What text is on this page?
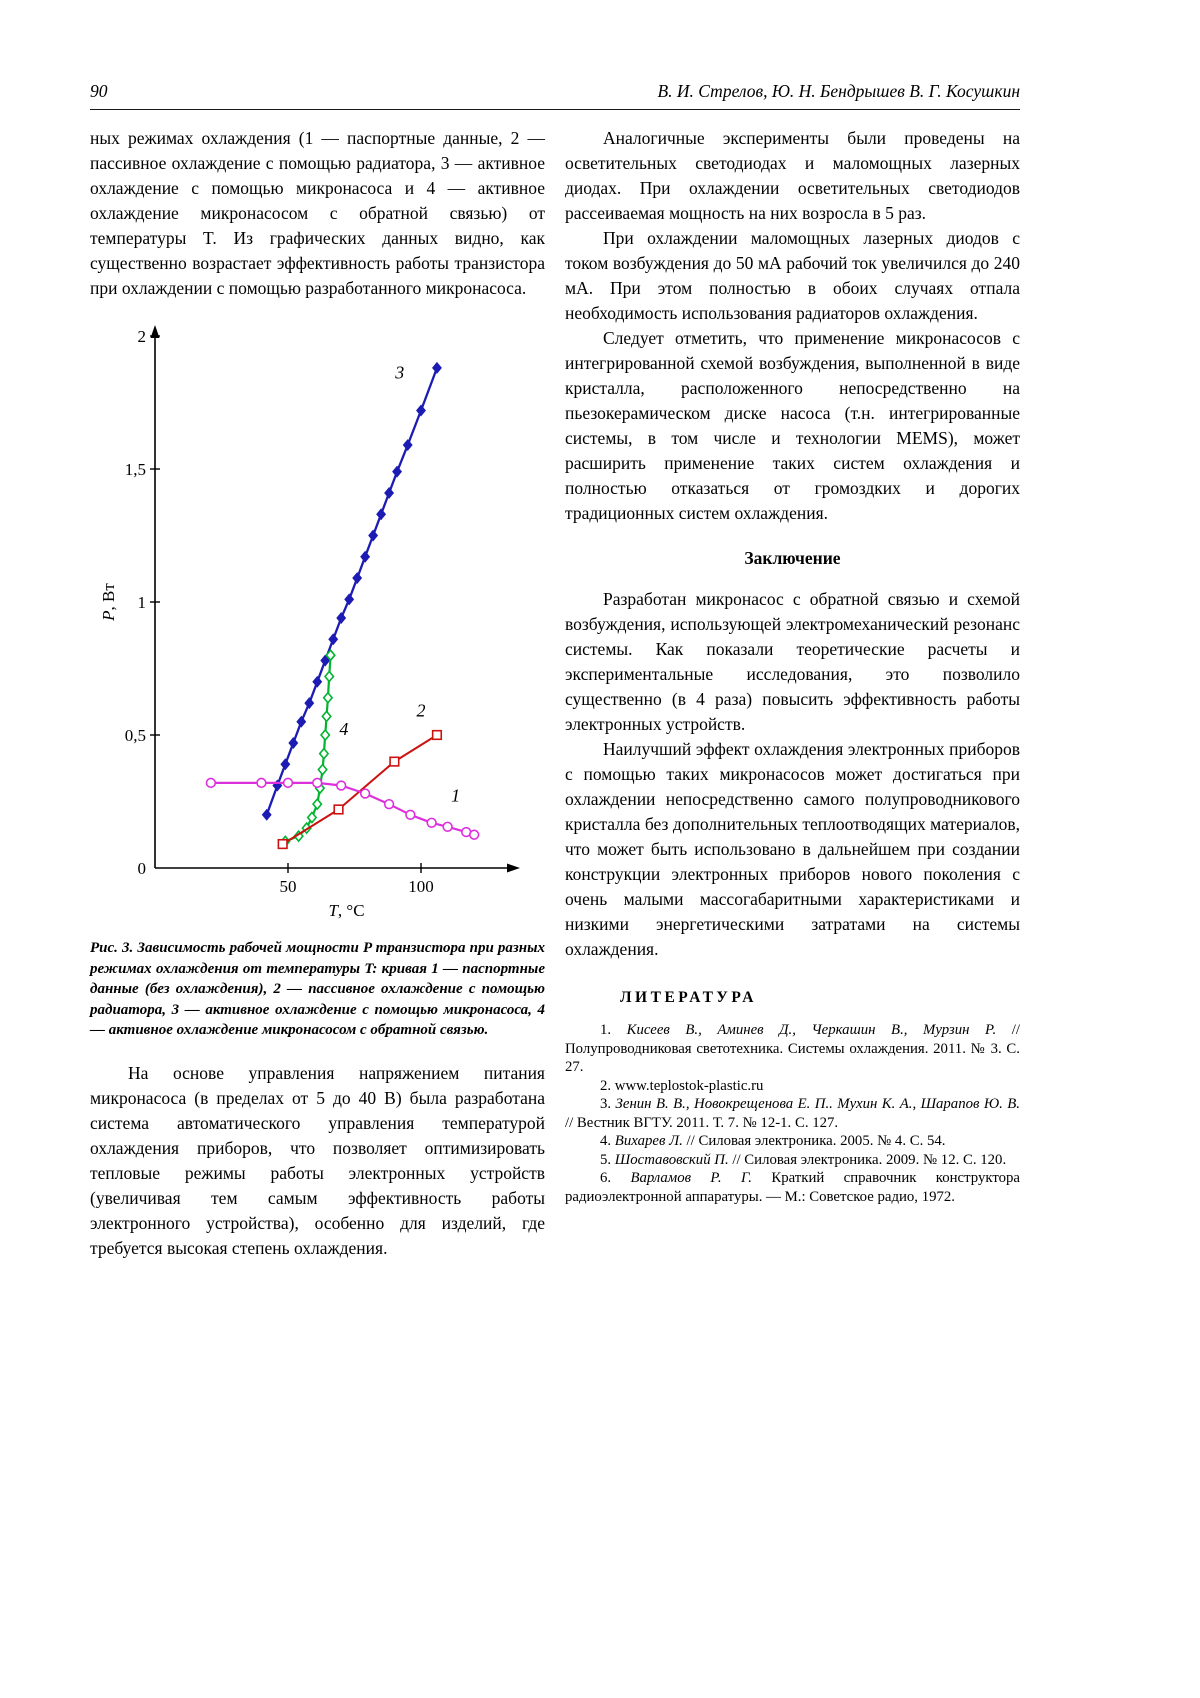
90	В. И. Стрелов, Ю. Н. Бендрышев В. Г. Косушкин

ных режимах охлаждения (1 — паспортные данные, 2 — пассивное охлаждение с помощью радиатора, 3 — активное охлаждение с помощью микронасоса и 4 — активное охлаждение микронасосом с обратной связью) от температуры T. Из графических данных видно, как существенно возрастает эффективность работы транзистора при охлаждении с помощью разработанного микронасоса.

0
0,5
1
1,5
2
50	100
P, Вт
T, °C
3
4
2
1
Рис. 3. Зависимость рабочей мощности P транзистора при разных режимах охлаждения от температуры T: кривая 1 — паспортные данные (без охлаждения), 2 — пассивное охлаждение с помощью радиатора, 3 — активное охлаждение с помощью микронасоса, 4 — активное охлаждение микронасосом с обратной связью.

На основе управления напряжением питания микронасоса (в пределах от 5 до 40 В) была разработана система автоматического управления температурой охлаждения приборов, что позволяет оптимизировать тепловые режимы работы электронных устройств (увеличивая тем самым эффективность работы электронного устройства), особенно для изделий, где требуется высокая степень охлаждения.

Аналогичные эксперименты были проведены на осветительных светодиодах и маломощных лазерных диодах. При охлаждении осветительных светодиодов рассеиваемая мощность на них возросла в 5 раз.

При охлаждении маломощных лазерных диодов с током возбуждения до 50 мА рабочий ток увеличился до 240 мА. При этом полностью в обоих случаях отпала необходимость использования радиаторов охлаждения.

Следует отметить, что применение микронасосов с интегрированной схемой возбуждения, выполненной в виде кристалла, расположенного непосредственно на пьезокерамическом диске насоса (т.н. интегрированные системы, в том числе и технологии MEMS), может расширить применение таких систем охлаждения и полностью отказаться от громоздких и дорогих традиционных систем охлаждения.

Заключение

Разработан микронасос с обратной связью и схемой возбуждения, использующей электромеханический резонанс системы. Как показали теоретические расчеты и экспериментальные исследования, это позволило существенно (в 4 раза) повысить эффективность работы электронных устройств.

Наилучший эффект охлаждения электронных приборов с помощью таких микронасосов может достигаться при охлаждении непосредственно самого полупроводникового кристалла без дополнительных теплоотводящих материалов, что может быть использовано в дальнейшем при создании конструкции электронных приборов нового поколения с очень малыми массогабаритными характеристиками и низкими энергетическими затратами на системы охлаждения.

ЛИТЕРАТУРА

1. Кисеев В., Аминев Д., Черкашин В., Мурзин Р. // Полупроводниковая светотехника. Системы охлаждения. 2011. № 3. С. 27.

2. www.teplostok-plastic.ru

3. Зенин В. В., Новокрещенова Е. П.. Мухин К. А., Шарапов Ю. В. // Вестник ВГТУ. 2011. Т. 7. № 12-1. С. 127.

4. Вихарев Л. // Силовая электроника. 2005. № 4. С. 54.

5. Шоставовский П. // Силовая электроника. 2009. № 12. С. 120.

6. Варламов Р. Г. Краткий справочник конструктора радиоэлектронной аппаратуры. — М.: Советское радио, 1972.
